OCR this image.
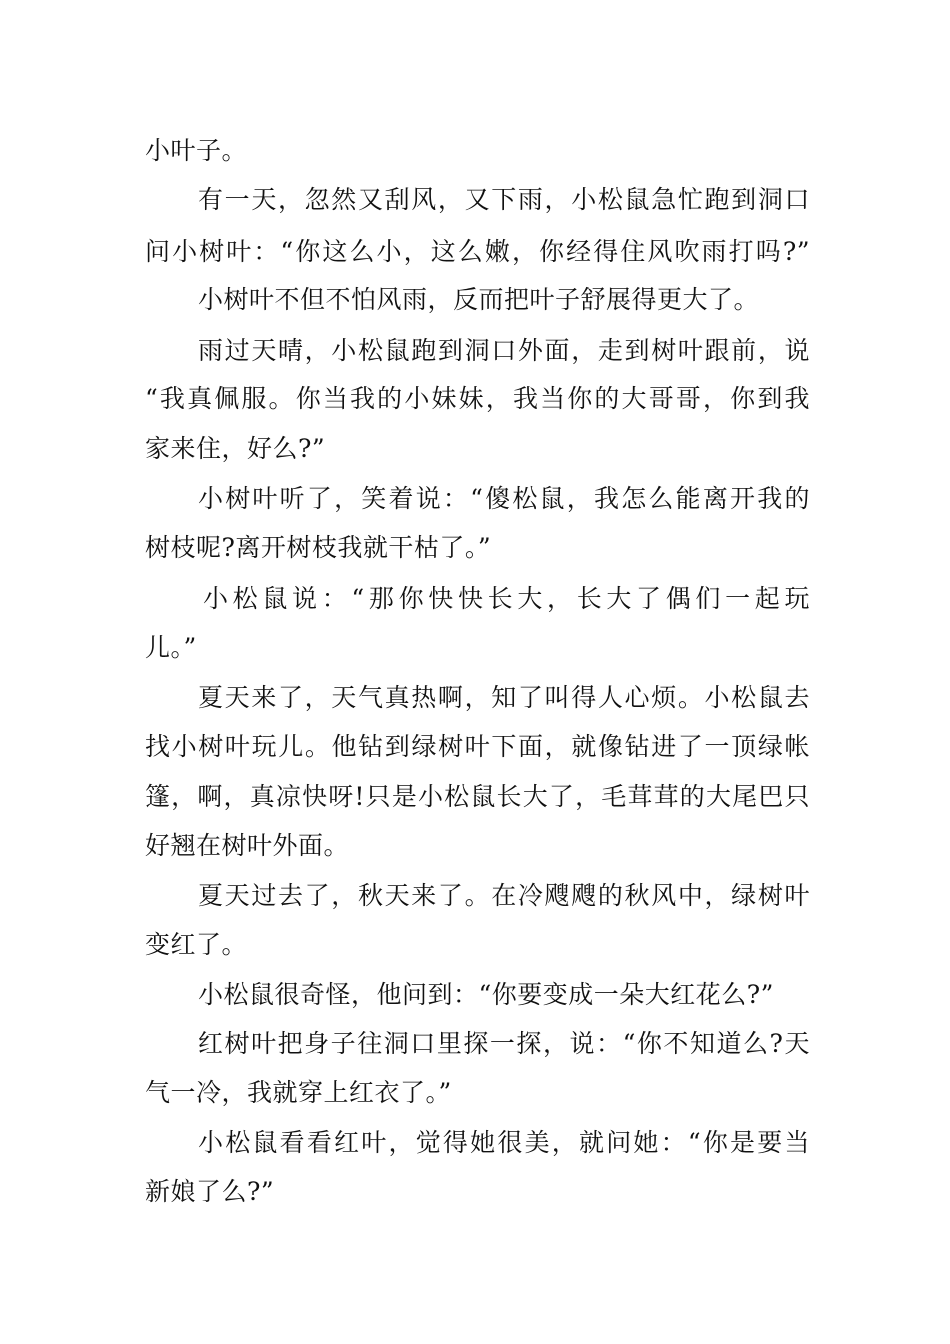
小叶子。
有一天，忽然又刮风，又下雨，小松鼠急忙跑到洞口
问小树叶：“你这么小，这么嫩，你经得住风吹雨打吗?”
小树叶不但不怕风雨，反而把叶子舒展得更大了。
雨过天晴，小松鼠跑到洞口外面，走到树叶跟前，说
“我真佩服。你当我的小妹妹，我当你的大哥哥，你到我
家来住，好么?”
小树叶听了，笑着说：“傻松鼠，我怎么能离开我的
树枝呢?离开树枝我就干枯了。”
小松鼠说：“那你快快长大，长大了偶们一起玩
儿。”
夏天来了，天气真热啊，知了叫得人心烦。小松鼠去
找小树叶玩儿。他钻到绿树叶下面，就像钻进了一顶绿帐
篷，啊，真凉快呀!只是小松鼠长大了，毛茸茸的大尾巴只
好翘在树叶外面。
夏天过去了，秋天来了。在冷飕飕的秋风中，绿树叶
变红了。
小松鼠很奇怪，他问到：“你要变成一朵大红花么?”
红树叶把身子往洞口里探一探，说：“你不知道么?天
气一冷，我就穿上红衣了。”
小松鼠看看红叶，觉得她很美，就问她：“你是要当
新娘了么?”
